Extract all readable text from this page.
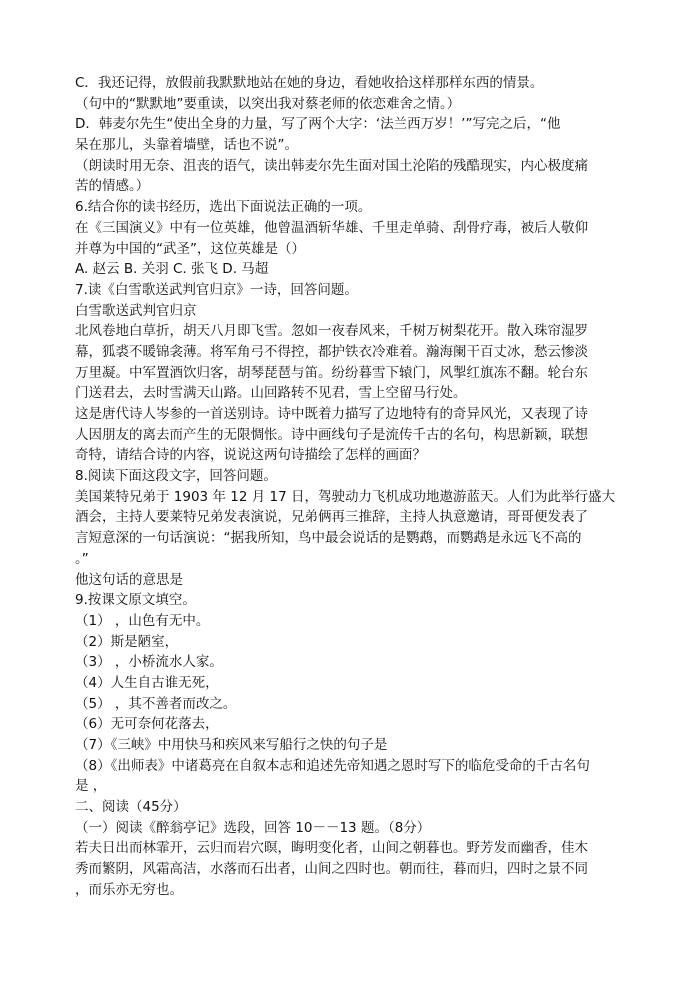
C．我还记得，放假前我默默地站在她的身边，看她收拾这样那样东西的情景。
（句中的“默默地”要重读，以突出我对蔡老师的依恋难舍之情。）
D．韩麦尔先生“使出全身的力量，写了两个大字：‘法兰西万岁！’”写完之后，“他
呆在那儿，头靠着墙壁，话也不说”。
（朗读时用无奈、沮丧的语气，读出韩麦尔先生面对国土沦陷的残酷现实，内心极度痛
苦的情感。）
6.结合你的读书经历，选出下面说法正确的一项。
在《三国演义》中有一位英雄，他曾温酒斩华雄、千里走单骑、刮骨疗毒，被后人敬仰
并尊为中国的“武圣”，这位英雄是（）
A. 赵云 B. 关羽 C. 张飞 D. 马超
7.读《白雪歌送武判官归京》一诗，回答问题。
白雪歌送武判官归京
北风卷地白草折，胡天八月即飞雪。忽如一夜春风来，千树万树梨花开。散入珠帘湿罗
幕，狐裘不暖锦衾薄。将军角弓不得控，都护铁衣冷难着。瀚海阑干百丈冰，愁云惨淡
万里凝。中军置酒饮归客，胡琴琵琶与笛。纷纷暮雪下辕门，风掣红旗冻不翻。轮台东
门送君去，去时雪满天山路。山回路转不见君，雪上空留马行处。
这是唐代诗人岑参的一首送别诗。诗中既着力描写了边地特有的奇异风光，又表现了诗
人因朋友的离去而产生的无限惆怅。诗中画线句子是流传千古的名句，构思新颖，联想
奇特，请结合诗的内容，说说这两句诗描绘了怎样的画面？
8.阅读下面这段文字，回答问题。
美国莱特兄弟于 1903 年 12 月 17 日，驾驶动力飞机成功地遨游蓝天。人们为此举行盛大
酒会，主持人要莱特兄弟发表演说，兄弟俩再三推辞，主持人执意邀请，哥哥便发表了
言短意深的一句话演说：“据我所知，鸟中最会说话的是鹦鹉，而鹦鹉是永远飞不高的
。”
他这句话的意思是
9.按课文原文填空。
（1） ，山色有无中。
（2）斯是陋室，
（3） ，小桥流水人家。
（4）人生自古谁无死，
（5） ，其不善者而改之。
（6）无可奈何花落去，
（7）《三峡》中用快马和疾风来写船行之快的句子是
（8）《出师表》中诸葛亮在自叙本志和追述先帝知遇之恩时写下的临危受命的千古名句
是 ，
二、阅读（45分）
（一）阅读《醉翁亭记》选段，回答 10－－13 题。（8分）
若夫日出而林霏开，云归而岩穴暝，晦明变化者，山间之朝暮也。野芳发而幽香，佳木
秀而繁阴，风霜高洁，水落而石出者，山间之四时也。朝而往，暮而归，四时之景不同
，而乐亦无穷也。
